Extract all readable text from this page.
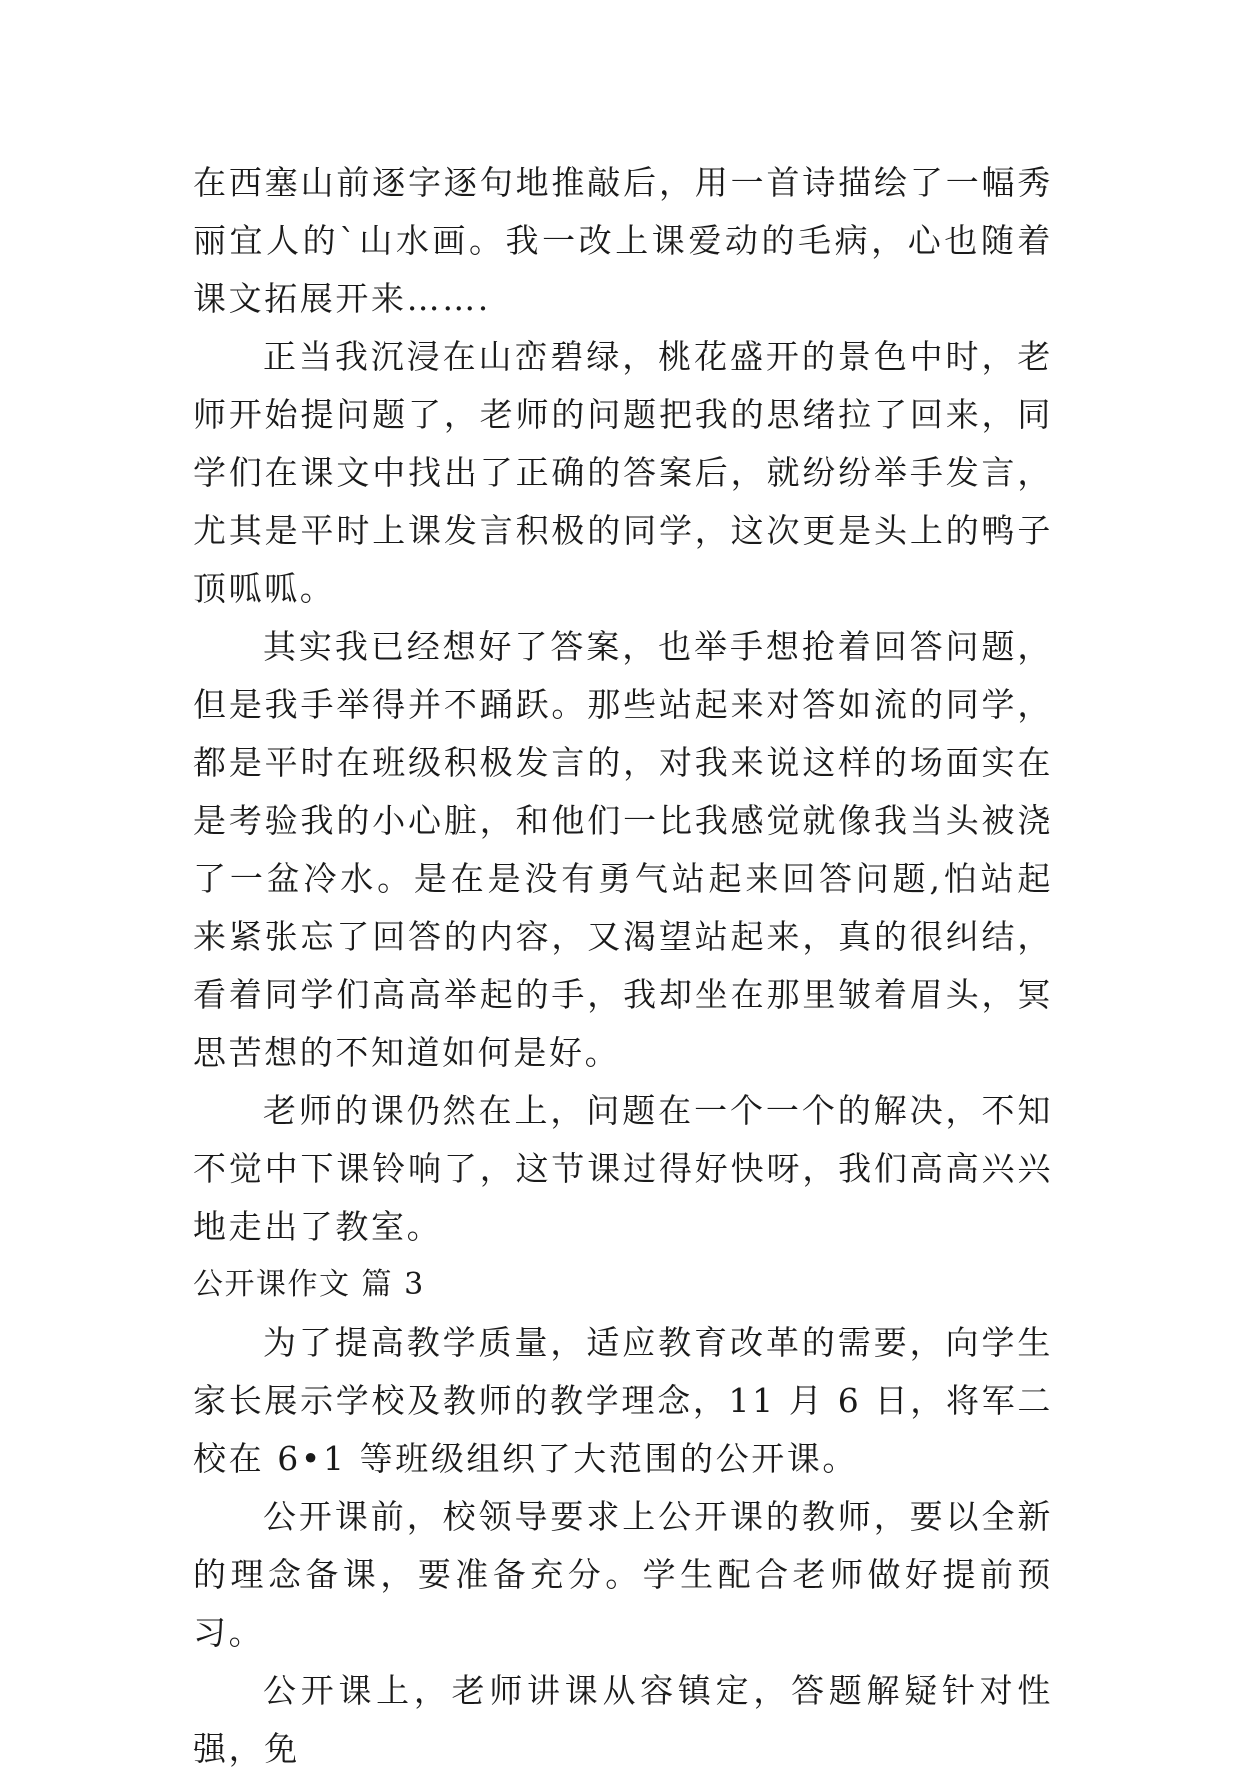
在西塞山前逐字逐句地推敲后，用一首诗描绘了一幅秀丽宜人的`山水画。我一改上课爱动的毛病，心也随着课文拓展开来…….

正当我沉浸在山峦碧绿，桃花盛开的景色中时，老师开始提问题了，老师的问题把我的思绪拉了回来，同学们在课文中找出了正确的答案后，就纷纷举手发言，尤其是平时上课发言积极的同学，这次更是头上的鸭子顶呱呱。

其实我已经想好了答案，也举手想抢着回答问题，但是我手举得并不踊跃。那些站起来对答如流的同学，都是平时在班级积极发言的，对我来说这样的场面实在是考验我的小心脏，和他们一比我感觉就像我当头被浇了一盆冷水。是在是没有勇气站起来回答问题,怕站起来紧张忘了回答的内容，又渴望站起来，真的很纠结，看着同学们高高举起的手，我却坐在那里皱着眉头，冥思苦想的不知道如何是好。

老师的课仍然在上，问题在一个一个的解决，不知不觉中下课铃响了，这节课过得好快呀，我们高高兴兴地走出了教室。

公开课作文 篇 3

为了提高教学质量，适应教育改革的需要，向学生家长展示学校及教师的教学理念，11 月 6 日，将军二校在 6•1 等班级组织了大范围的公开课。

公开课前，校领导要求上公开课的教师，要以全新的理念备课，要准备充分。学生配合老师做好提前预习。

公开课上，老师讲课从容镇定，答题解疑针对性强，免
